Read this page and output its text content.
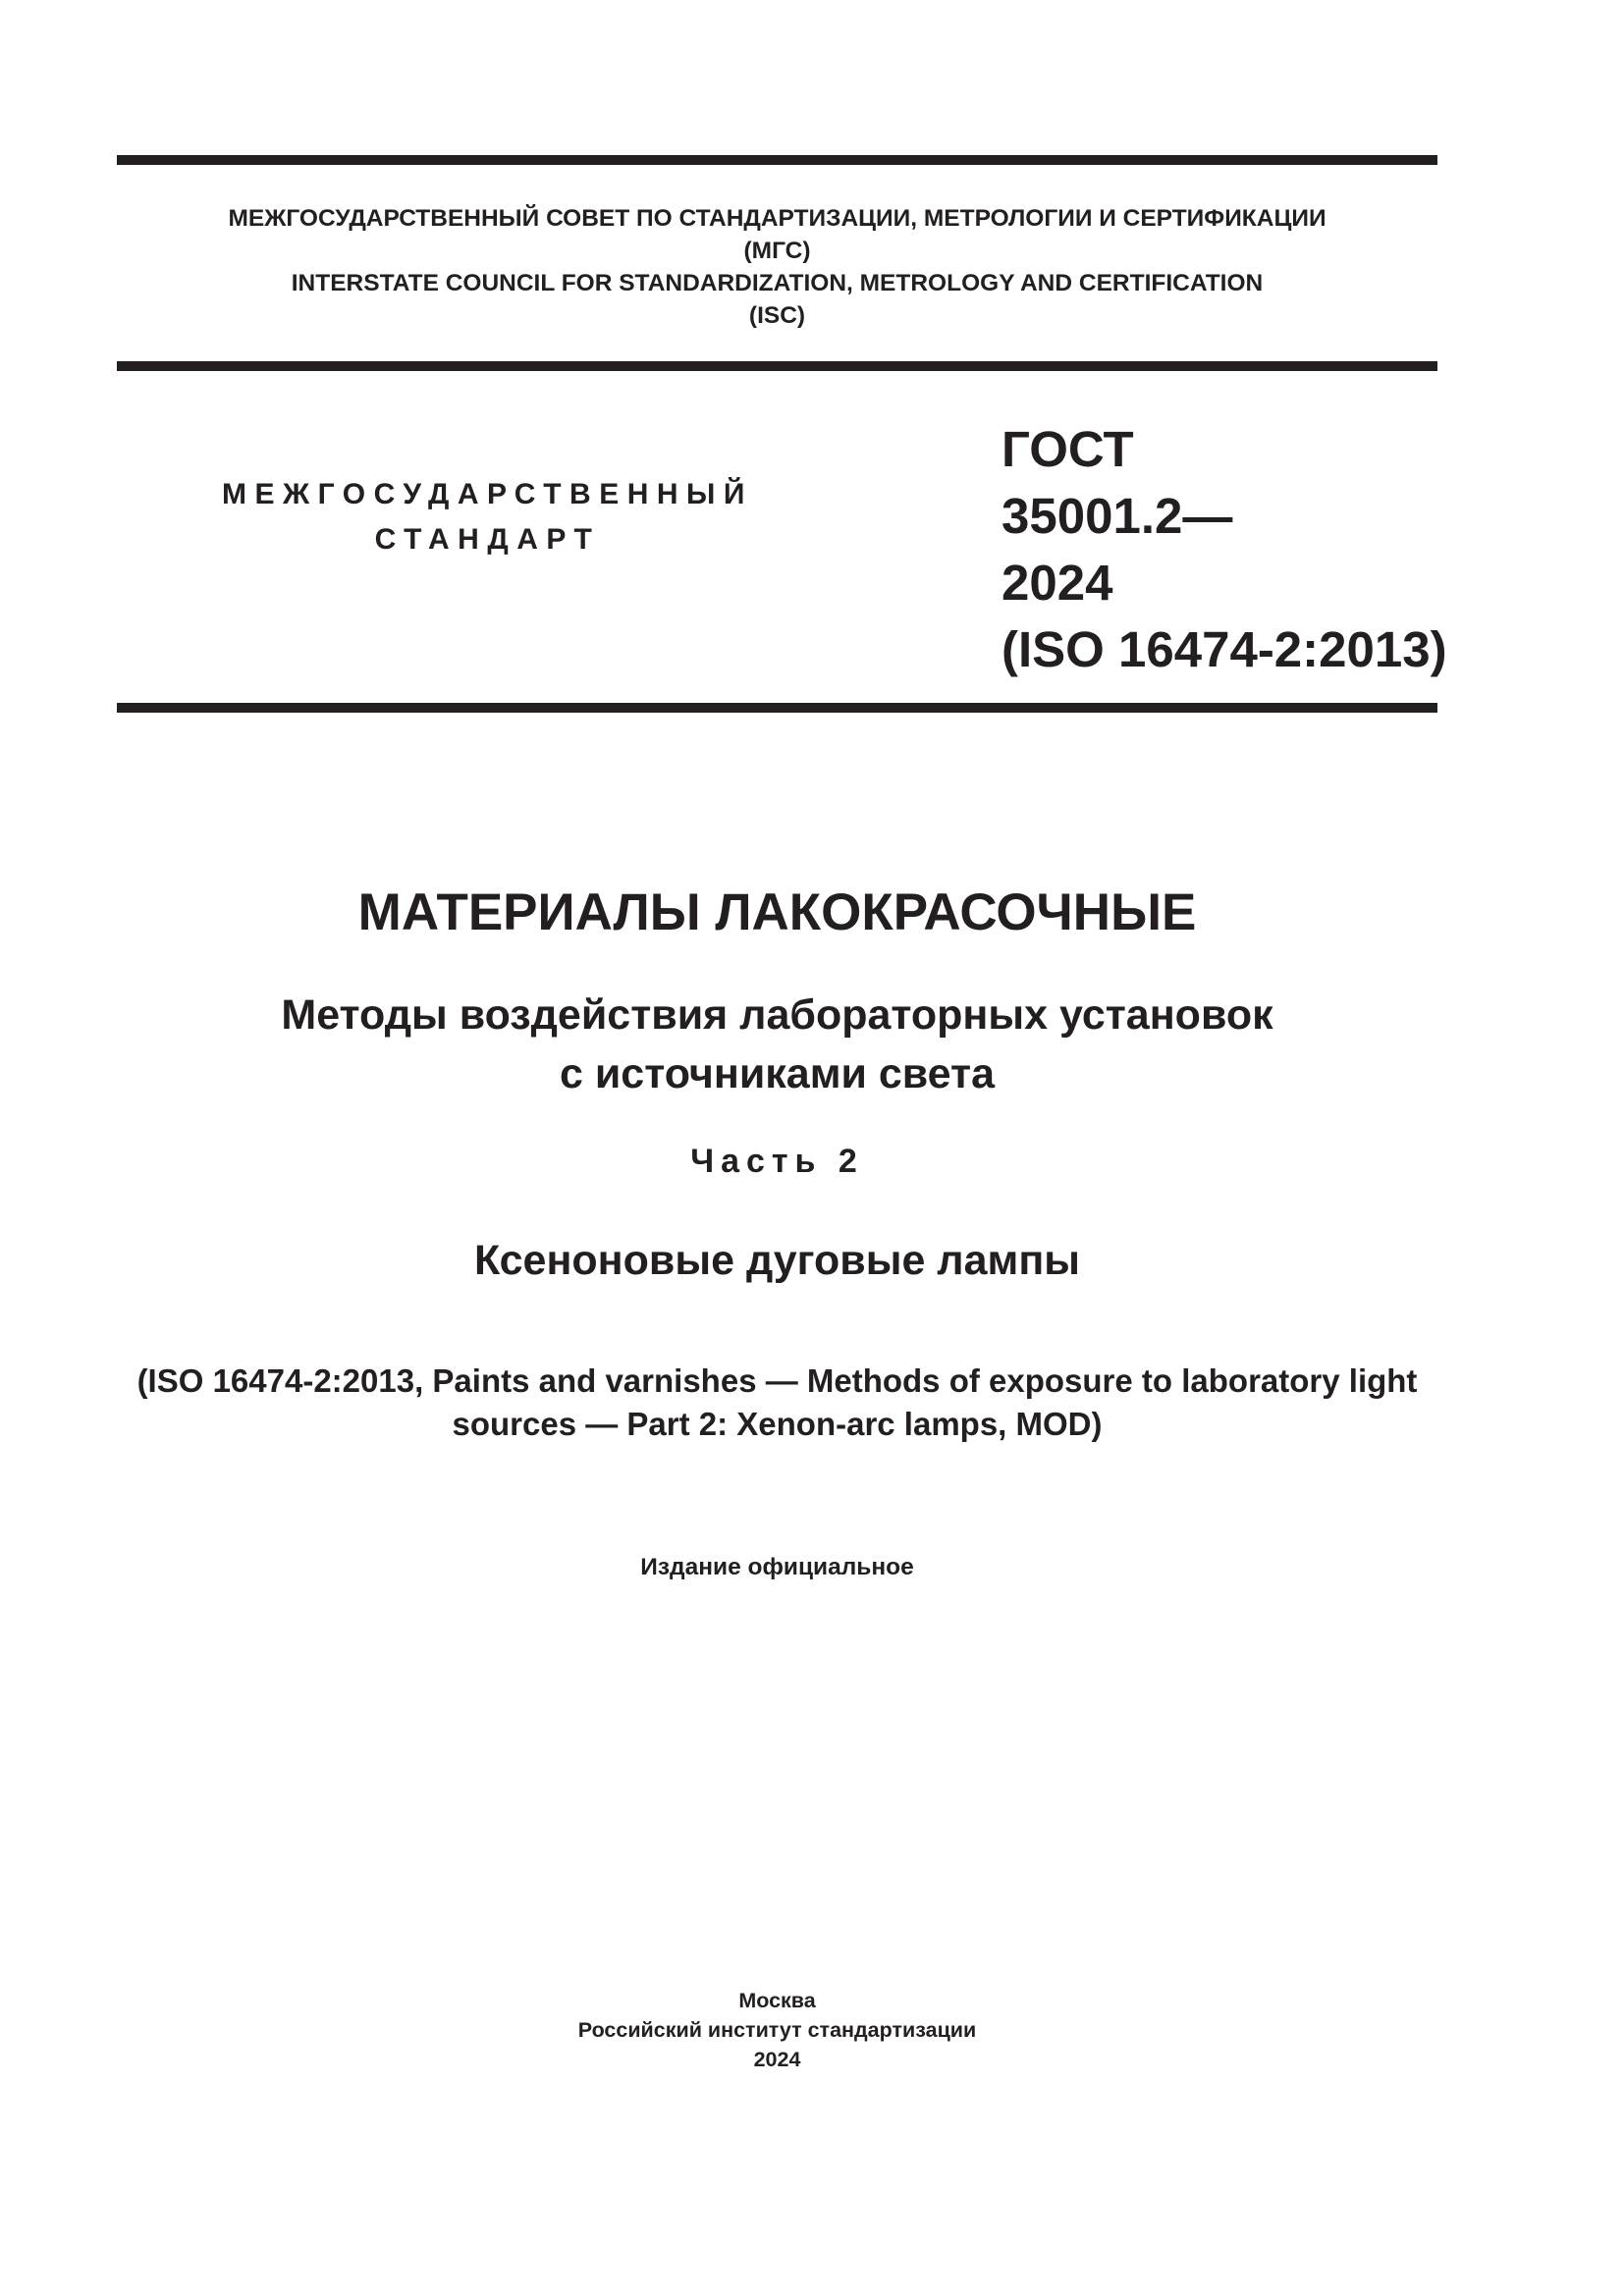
МЕЖГОСУДАРСТВЕННЫЙ СОВЕТ ПО СТАНДАРТИЗАЦИИ, МЕТРОЛОГИИ И СЕРТИФИКАЦИИ
(МГС)
INTERSTATE COUNCIL FOR STANDARDIZATION, METROLOGY AND CERTIFICATION
(ISC)
МЕЖГОСУДАРСТВЕННЫЙ
СТАНДАРТ
ГОСТ
35001.2—
2024
(ISO 16474-2:2013)
МАТЕРИАЛЫ ЛАКОКРАСОЧНЫЕ
Методы воздействия лабораторных установок
с источниками света
Часть 2
Ксеноновые дуговые лампы
(ISO 16474-2:2013, Paints and varnishes — Methods of exposure to laboratory light
sources — Part 2: Xenon-arc lamps, MOD)
Издание официальное
Москва
Российский институт стандартизации
2024
